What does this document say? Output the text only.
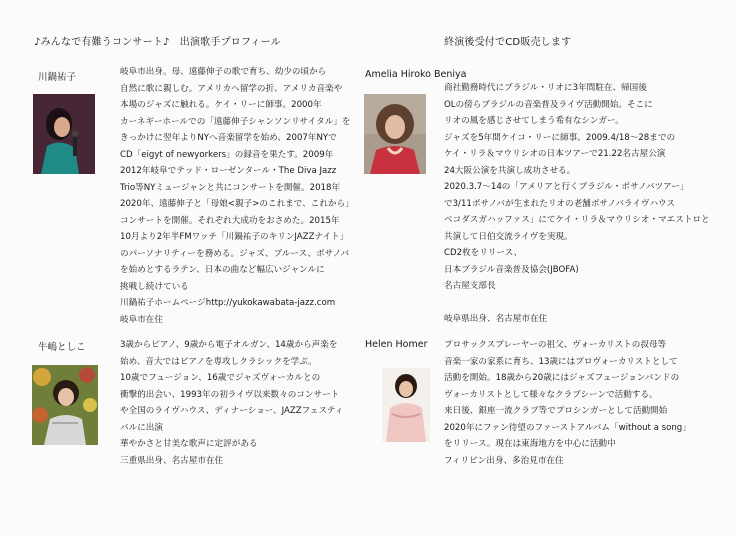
♪みんなで有難うコンサート♪　出演歌手プロフィール	終演後受付でCD販売します
川鍋祐子	岐阜市出身。母、遠藤伸子の歌で育ち、幼少の頃から
自然に歌に親しむ。アメリカへ留学の折、アメリカ音楽や
本場のジャズに触れる。ケイ・リーに師事。2000年
カーネギーホールでの「遠藤伸子シャンソンリサイタル」を
きっかけに翌年よりNYへ音楽留学を始め、2007年NYで
CD「eigyt of newyorkers」の録音を果たす。2009年
2012年岐阜でテッド・ローゼンタール・The Diva Jazz
Trio等NYミュージャンと共にコンサートを開催。2018年
2020年、遠藤伸子と「母娘<親子>のこれまで、これから」
コンサートを開催。それぞれ大成功をおさめた。2015年
10月より2年半FMワッチ「川鍋祐子のキリンJAZZナイト」
のパーソナリティーを務める。ジャズ、ブルース、ボサノバ
を始めとするラテン、日本の曲など幅広いジャンルに
挑戦し続けている
川鍋祐子ホームページhttp://yukokawabata-jazz.com
岐阜市在住
Amelia Hiroko Beniya
商社勤務時代にブラジル・リオに3年間駐在、帰国後
OLの傍らブラジルの音楽普及ライヴ活動開始。そこに
リオの風を感じさせてしまう希有なシンガー。
ジャズを5年間ケイコ・リーに師事。2009.4/18～28までの
ケイ・リラ＆マウリシオの日本ツアーで21.22名古屋公演
24大阪公演を共演し成功させる。
2020.3.7～14の「アメリアと行くブラジル・ボサノバツアー」
で3/11ボサノバが生まれたリオの老舗ボサノバライヴハウス
ベコダスガハッファス」にてケイ・リラ＆マウリシオ・マエストロと
共演して日伯交流ライヴを実現。
CD2枚をリリース、
日本ブラジル音楽普及協会(JBOFA)
名古屋支部長
岐阜県出身、名古屋市在住
牛嶋としこ	3歳からピアノ、9歳から電子オルガン、14歳から声楽を
始め、音大ではピアノを専攻しクラシックを学ぶ。
10歳でフュージョン、16歳でジャズヴォーカルとの
衝撃的出会い、1993年の初ライヴ以来数々のコンサート
や全国のライヴハウス、ディナーショー、JAZZフェスティ
バルに出演
華やかさと甘美な歌声に定評がある
三重県出身、名古屋市在住
Helen Homer プロサックスプレーヤーの祖父、ヴォーカリストの叔母等
音楽一家の家系に育ち、13歳にはプロヴォーカリストとして
活動を開始。18歳から20歳にはジャズフュージョンバンドの
ヴォーカリストとして様々なクラブシーンで活動する。
来日後、銀座一流クラブ等でプロシンガーとして活動開始
2020年にファン待望のファーストアルバム「without a song」
をリリース。現在は東海地方を中心に活動中
フィリピン出身、多治見市在住
